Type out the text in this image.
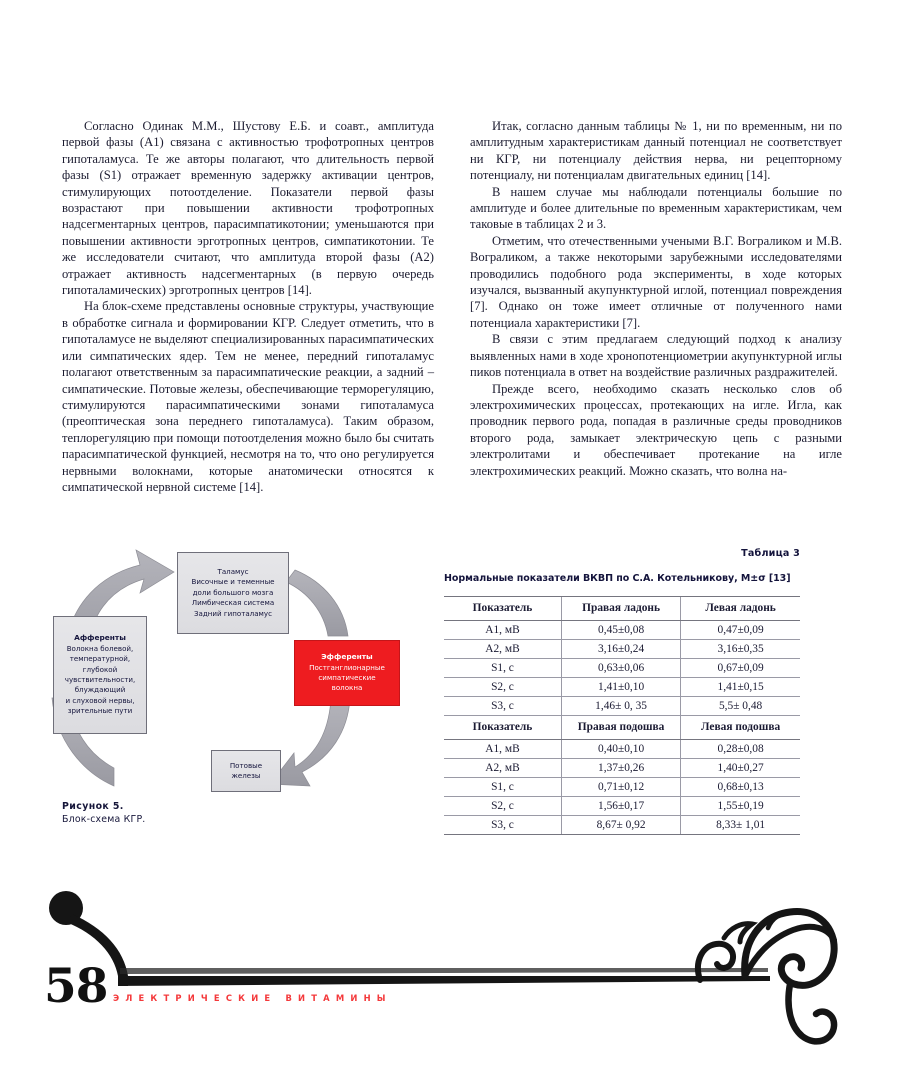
Согласно Одинак М.М., Шустову Е.Б. и соавт., амплитуда первой фазы (A1) связана с активностью трофотропных центров гипоталамуса. Те же авторы полагают, что длительность первой фазы (S1) отражает временную задержку активации центров, стимулирующих потоотделение. Показатели первой фазы возрастают при повышении активности трофотропных надсегментарных центров, парасимпатикотонии; уменьшаются при повышении активности эрготропных центров, симпатикотонии. Те же исследователи считают, что амплитуда второй фазы (A2) отражает активность надсегментарных (в первую очередь гипоталамических) эрготропных центров [14].

На блок-схеме представлены основные структуры, участвующие в обработке сигнала и формировании КГР. Следует отметить, что в гипоталамусе не выделяют специализированных парасимпатических или симпатических ядер. Тем не менее, передний гипоталамус полагают ответственным за парасимпатические реакции, а задний – симпатические. Потовые железы, обеспечивающие терморегуляцию, стимулируются парасимпатическими зонами гипоталамуса (преоптическая зона переднего гипоталамуса). Таким образом, теплорегуляцию при помощи потоотделения можно было бы считать парасимпатической функцией, несмотря на то, что оно регулируется нервными волокнами, которые анатомически относятся к симпатической нервной системе [14].

Итак, согласно данным таблицы № 1, ни по временным, ни по амплитудным характеристикам данный потенциал не соответствует ни КГР, ни потенциалу действия нерва, ни рецепторному потенциалу, ни потенциалам двигательных единиц [14].

В нашем случае мы наблюдали потенциалы большие по амплитуде и более длительные по временным характеристикам, чем таковые в таблицах 2 и 3.

Отметим, что отечественными учеными В.Г. Вограликом и М.В. Вограликом, а также некоторыми зарубежными исследователями проводились подобного рода эксперименты, в ходе которых изучался, вызванный акупунктурной иглой, потенциал повреждения [7]. Однако он тоже имеет отличные от полученного нами потенциала характеристики [7].

В связи с этим предлагаем следующий подход к анализу выявленных нами в ходе хронопотенциометрии акупунктурной иглы пиков потенциала в ответ на воздействие различных раздражителей.

Прежде всего, необходимо сказать несколько слов об электрохимических процессах, протекающих на игле. Игла, как проводник первого рода, попадая в различные среды проводников второго рода, замыкает электрическую цепь с разными электролитами и обеспечивает протекание на игле электрохимических реакций. Можно сказать, что волна на-

Таламус
Височные и теменные
доли большого мозга
Лимбическая система
Задний гипоталамус
Афференты
Волокна болевой,
температурной,
глубокой
чувствительности,
блуждающий
и слуховой нервы,
зрительные пути
Эфференты
Постганглионарные
симпатические
волокна
Потовые
железы
Рисунок 5.
Блок-схема КГР.
Таблица 3
Нормальные показатели ВКВП по С.А. Котельникову, M±σ [13]
Показатель	Правая ладонь	Левая ладонь
A1, мВ	0,45±0,08	0,47±0,09
A2, мВ	3,16±0,24	3,16±0,35
S1, с	0,63±0,06	0,67±0,09
S2, с	1,41±0,10	1,41±0,15
S3, с	1,46± 0, 35	5,5± 0,48
Показатель	Правая подошва	Левая подошва
A1, мВ	0,40±0,10	0,28±0,08
A2, мВ	1,37±0,26	1,40±0,27
S1, с	0,71±0,12	0,68±0,13
S2, с	1,56±0,17	1,55±0,19
S3, с	8,67± 0,92	8,33± 1,01
58 ЭЛЕКТРИЧЕСКИЕ ВИТАМИНЫ
